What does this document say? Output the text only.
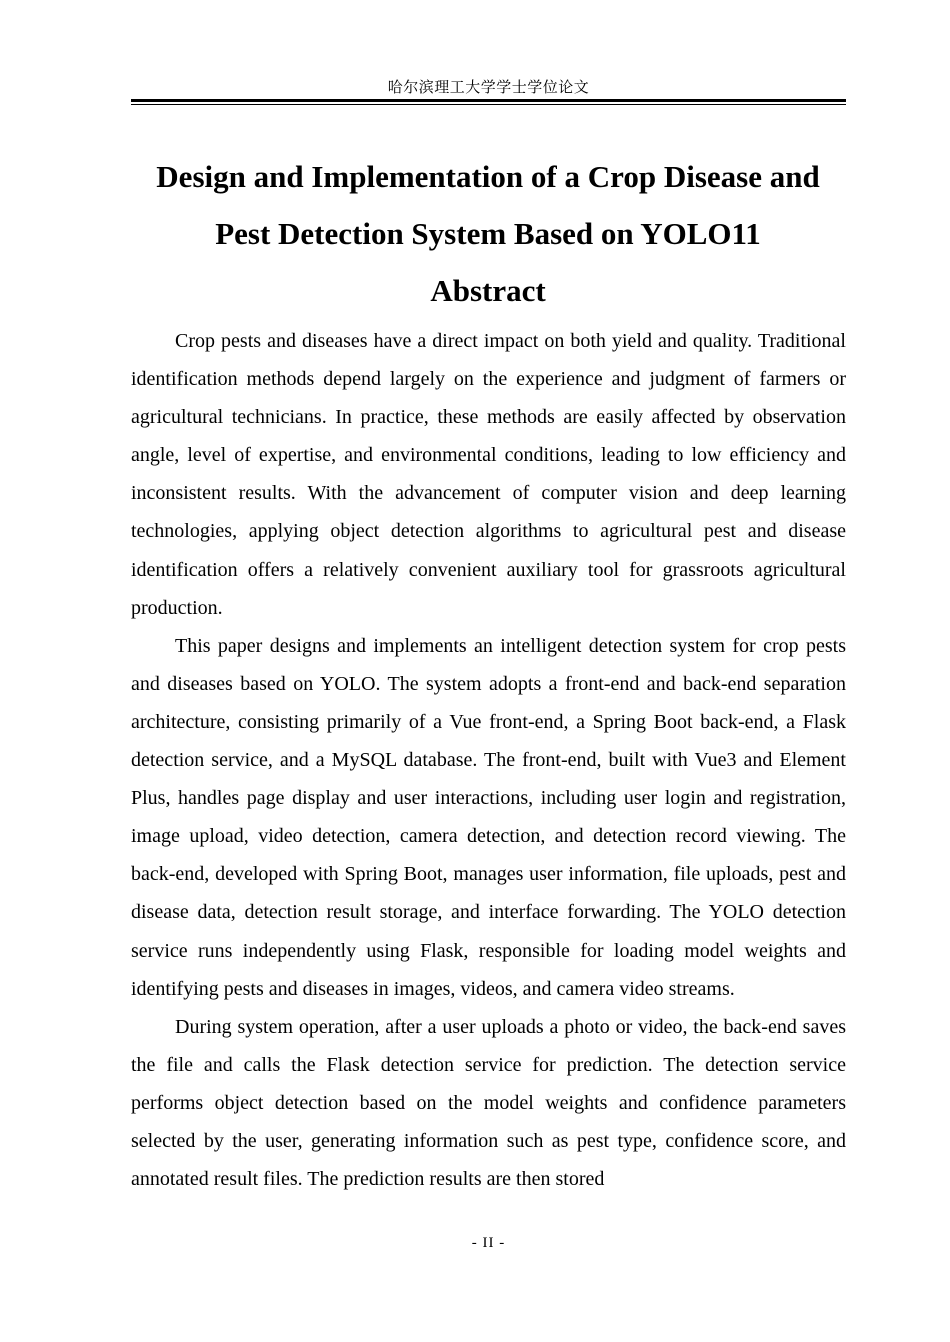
哈尔滨理工大学学士学位论文
Design and Implementation of a Crop Disease and
Pest Detection System Based on YOLO11
Abstract

Crop pests and diseases have a direct impact on both yield and quality. Traditional identification methods depend largely on the experience and judgment of farmers or agricultural technicians. In practice, these methods are easily affected by observation angle, level of expertise, and environmental conditions, leading to low efficiency and inconsistent results. With the advancement of computer vision and deep learning technologies, applying object detection algorithms to agricultural pest and disease identification offers a relatively convenient auxiliary tool for grassroots agricultural production.

This paper designs and implements an intelligent detection system for crop pests and diseases based on YOLO. The system adopts a front-end and back-end separation architecture, consisting primarily of a Vue front-end, a Spring Boot back-end, a Flask detection service, and a MySQL database. The front-end, built with Vue3 and Element Plus, handles page display and user interactions, including user login and registration, image upload, video detection, camera detection, and detection record viewing. The back-end, developed with Spring Boot, manages user information, file uploads, pest and disease data, detection result storage, and interface forwarding. The YOLO detection service runs independently using Flask, responsible for loading model weights and identifying pests and diseases in images, videos, and camera video streams.

During system operation, after a user uploads a photo or video, the back-end saves the file and calls the Flask detection service for prediction. The detection service performs object detection based on the model weights and confidence parameters selected by the user, generating information such as pest type, confidence score, and annotated result files. The prediction results are then stored

- II -
